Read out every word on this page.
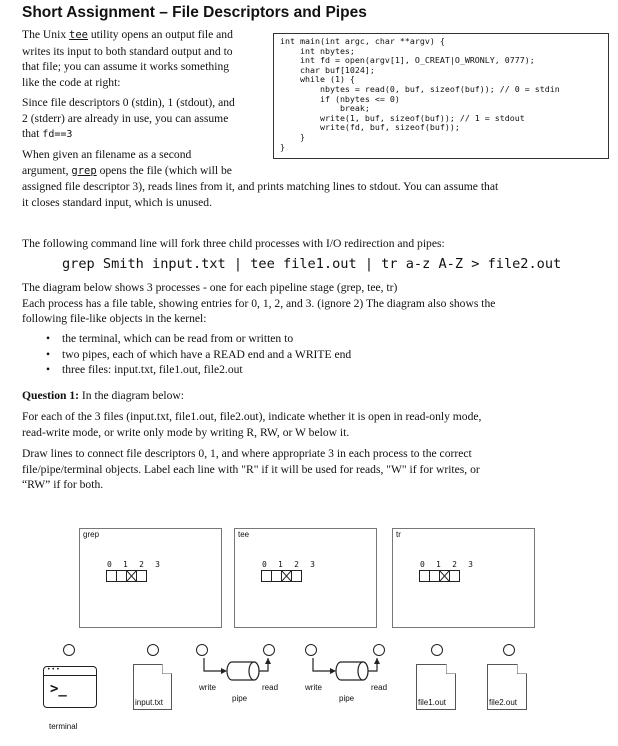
Short Assignment – File Descriptors and Pipes
The Unix tee utility opens an output file and
writes its input to both standard output and to
that file; you can assume it works something
like the code at right:
Since file descriptors 0 (stdin), 1 (stdout), and
2 (stderr) are already in use, you can assume
that fd==3
int main(int argc, char **argv) {
int nbytes;
int fd = open(argv[1], O_CREAT|O_WRONLY, 0777);
char buf[1024];
while (1) {
nbytes = read(0, buf, sizeof(buf)); // 0 = stdin
if (nbytes <= 0)
break;
write(1, buf, sizeof(buf)); // 1 = stdout
write(fd, buf, sizeof(buf));
}
}
When given an filename as a second
argument, grep opens the file (which will be
assigned file descriptor 3), reads lines from it, and prints matching lines to stdout. You can assume that
it closes standard input, which is unused.
The following command line will fork three child processes with I/O redirection and pipes:
grep Smith input.txt | tee file1.out | tr a-z A-Z > file2.out
The diagram below shows 3 processes - one for each pipeline stage (grep, tee, tr)
Each process has a file table, showing entries for 0, 1, 2, and 3. (ignore 2) The diagram also shows the
following file-like objects in the kernel:
• the terminal, which can be read from or written to
• two pipes, each of which have a READ end and a WRITE end
• three files: input.txt, file1.out, file2.out
Question 1: In the diagram below:
For each of the 3 files (input.txt, file1.out, file2.out), indicate whether it is open in read-only mode,
read-write mode, or write only mode by writing R, RW, or W below it.
Draw lines to connect file descriptors 0, 1, and where appropriate 3 in each process to the correct
file/pipe/terminal objects. Label each line with "R" if it will be used for reads, "W" if for writes, or
“RW” if for both.
grep
0 1 2 3
tee
0 1 2 3
tr
0 1 2 3
•••
>_
terminal
input.txt
write	read
pipe
write	read
pipe	file1.out	file2.out
